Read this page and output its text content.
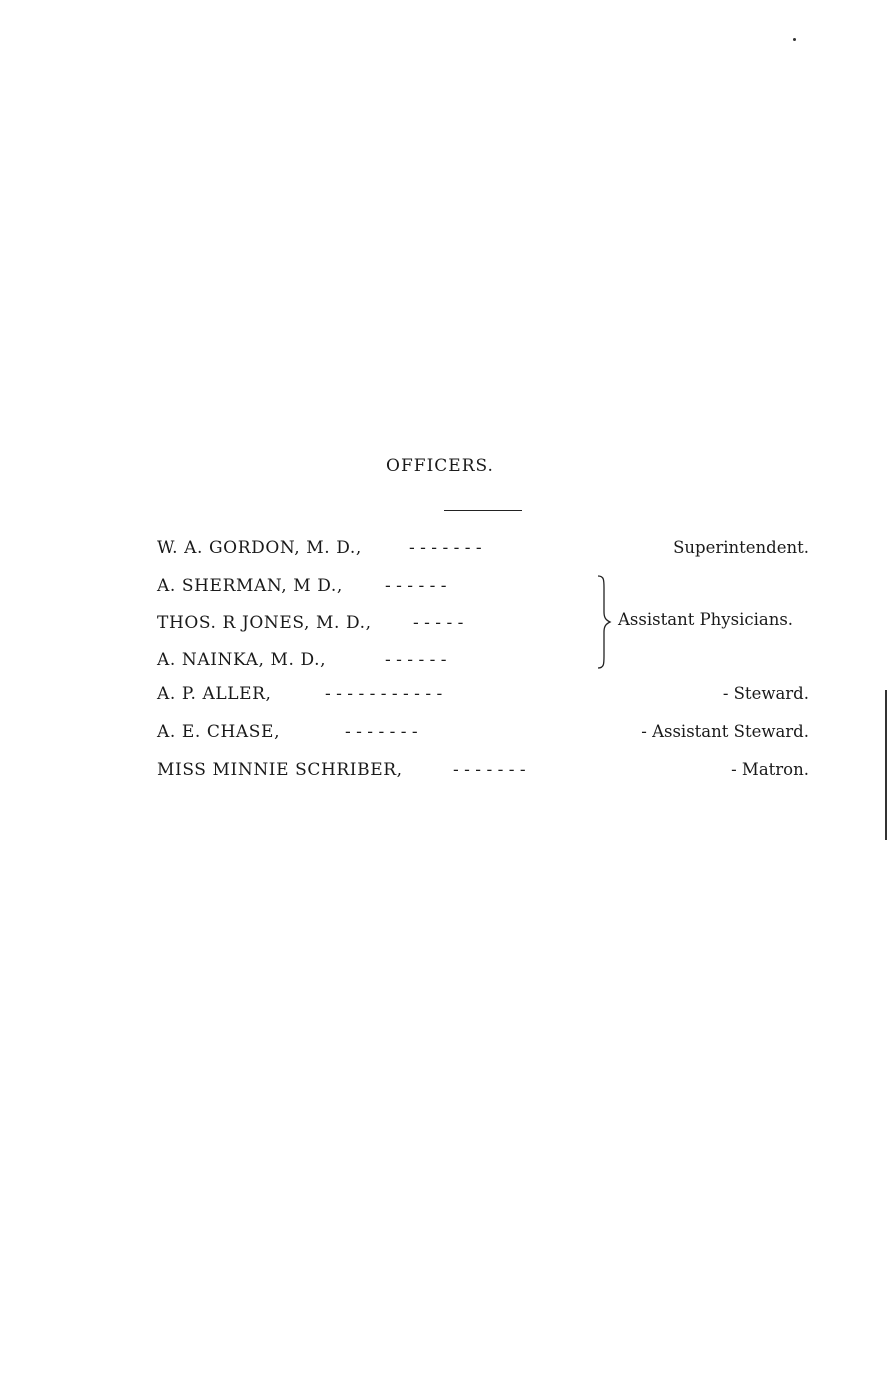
OFFICERS.
W. A. GORDON, M. D.,	- - - - - - -	Superintendent.
A. SHERMAN, M D., - - - - - -
THOS. R JONES, M. D., - - - - -
A. NAINKA, M. D.,	- - - - - -
Assistant Physicians.
A. P. ALLER,	- - - - - - - - - - -	- Steward.
A. E. CHASE,	- - - - - - -	- Assistant Steward.
MISS MINNIE SCHRIBER,	- - - - - - -	- Matron.
